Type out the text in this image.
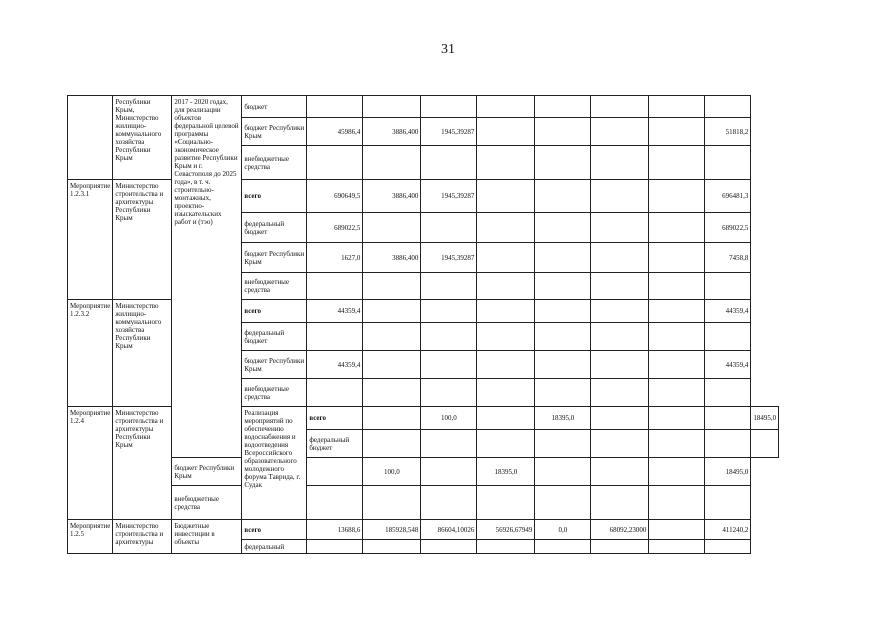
31
	Республики Крым, Министерство жилищно-коммунального хозяйства Республики Крым	2017 - 2020 годах, для реализации объектов федеральной целевой программы «Социально-экономическое развитие Республики Крым и г. Севастополя до 2025 года», в т. ч. строительно-монтажных, проектно-изыскательских работ и (тэо)	бюджет									
			бюджет Республики Крым	45986,4	3886,400	1945,39287					51818,2	
			внебюджетные средства									
Мероприятие 1.2.3.1	Министерство строительства и архитектуры Республики Крым		всего	690649,5	3886,400	1945,39287					696481,3	
			федеральный бюджет	689022,5							689022,5	
			бюджет Республики Крым	1627,0	3886,400	1945,39287					7458,8	
			внебюджетные средства									
Мероприятие 1.2.3.2	Министерство жилищно-коммунального хозяйства Республики Крым		всего	44359,4							44359,4	
			федеральный бюджет									
			бюджет Республики Крым	44359,4							44359,4	
			внебюджетные средства									
Мероприятие 1.2.4	Министерство строительства и архитектуры Республики Крым		Реализация мероприятий по обеспечению водоснабжения и водоотведения Всероссийского образовательного молодежного форума Таврида, г. Судак	всего		100,0		18395,0				18495,0
				федеральный бюджет								
		бюджет Республики Крым			100,0		18395,0				18495,0	
		внебюджетные средства										
Мероприятие 1.2.5	Министерство строительства и архитектуры	Бюджетные инвестиции в объекты	всего	13688,6	185928,548	86604,10026	56926,67949	0,0	68092,23000		411240,2	
			федеральный									
